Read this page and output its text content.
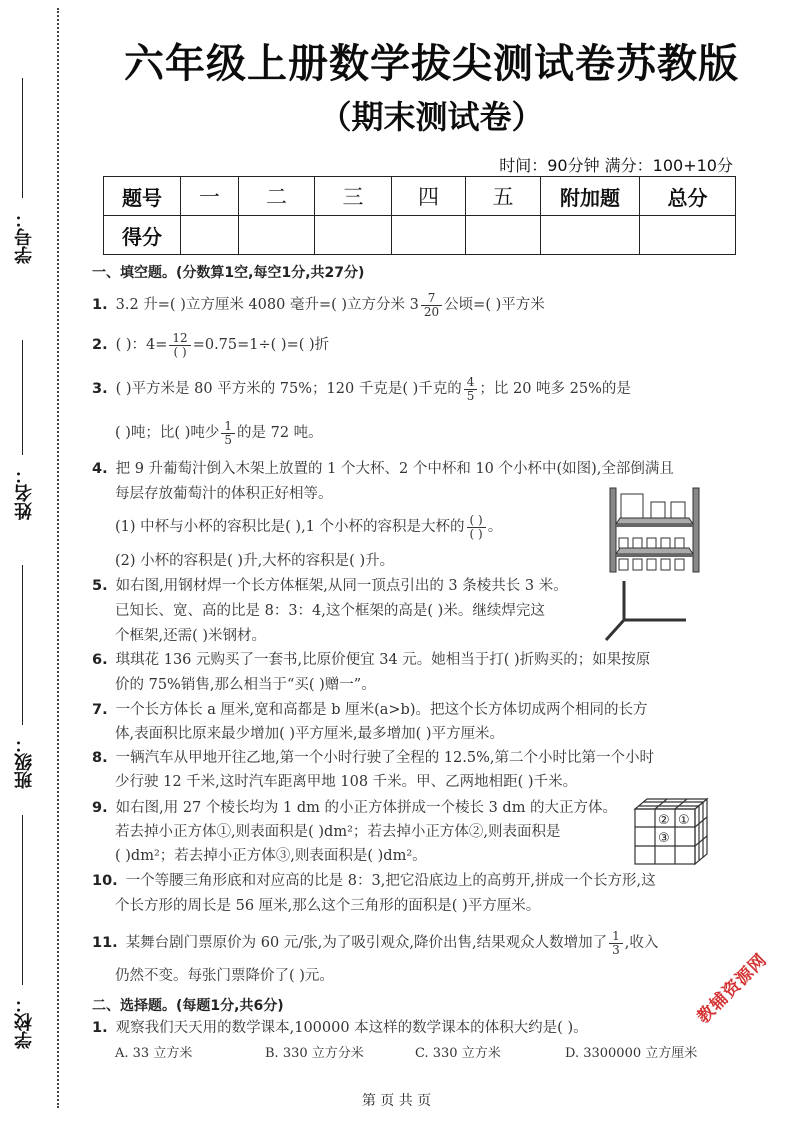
学号：
姓名：
班级：
学校：
六年级上册数学拔尖测试卷苏教版
（期末测试卷）
时间：90分钟 满分：100+10分
题号	一	二	三	四	五	附加题	总分
得分							
一、填空题。(分数算1空,每空1分,共27分)
1. 3.2 升=( )立方厘米 4080 毫升=( )立方分米 $3 \frac{7}{20}$ 公顷=( )平方米
2. ( )：$4= \frac{12}{( )} =0.75=1\div$( )=( )折
3. ( )平方米是 80 平方米的 75%；120 千克是( )千克的 $\frac{4}{5}$ ；比 20 吨多 25%的是
( )吨；比( )吨少 $\frac{1}{5}$ 的是 72 吨。
4. 把 9 升葡萄汁倒入木架上放置的 1 个大杯、2 个中杯和 10 个小杯中(如图),全部倒满且
每层存放葡萄汁的体积正好相等。
(1) 中杯与小杯的容积比是( ),1 个小杯的容积是大杯的 $\frac{( )}{( )}$ 。
(2) 小杯的容积是( )升,大杯的容积是( )升。
5. 如右图,用钢材焊一个长方体框架,从同一顶点引出的 3 条棱共长 3 米。
已知长、宽、高的比是 8：3：4,这个框架的高是( )米。继续焊完这
个框架,还需( )米钢材。
6. 琪琪花 136 元购买了一套书,比原价便宜 34 元。她相当于打( )折购买的；如果按原
价的 75%销售,那么相当于“买( )赠一”。
7. 一个长方体长 a 厘米,宽和高都是 b 厘米(a>b)。把这个长方体切成两个相同的长方
体,表面积比原来最少增加( )平方厘米,最多增加( )平方厘米。
8. 一辆汽车从甲地开往乙地,第一个小时行驶了全程的 12.5%,第二个小时比第一个小时
少行驶 12 千米,这时汽车距离甲地 108 千米。甲、乙两地相距( )千米。
9. 如右图,用 27 个棱长均为 1 dm 的小正方体拼成一个棱长 3 dm 的大正方体。
若去掉小正方体①,则表面积是( )dm²；若去掉小正方体②,则表面积是
( )dm²；若去掉小正方体③,则表面积是( )dm²。
② ①
③
10. 一个等腰三角形底和对应高的比是 8：3,把它沿底边上的高剪开,拼成一个长方形,这
个长方形的周长是 56 厘米,那么这个三角形的面积是( )平方厘米。
11. 某舞台剧门票原价为 60 元/张,为了吸引观众,降价出售,结果观众人数增加了 $\frac{1}{3}$ ,收入
仍然不变。每张门票降价了( )元。
二、选择题。(每题1分,共6分)
1. 观察我们天天用的数学课本,100000 本这样的数学课本的体积大约是( )。
A. 33 立方米	B. 330 立方分米	C. 330 立方米	D. 3300000 立方厘米
教辅资源网
第 页 共 页
